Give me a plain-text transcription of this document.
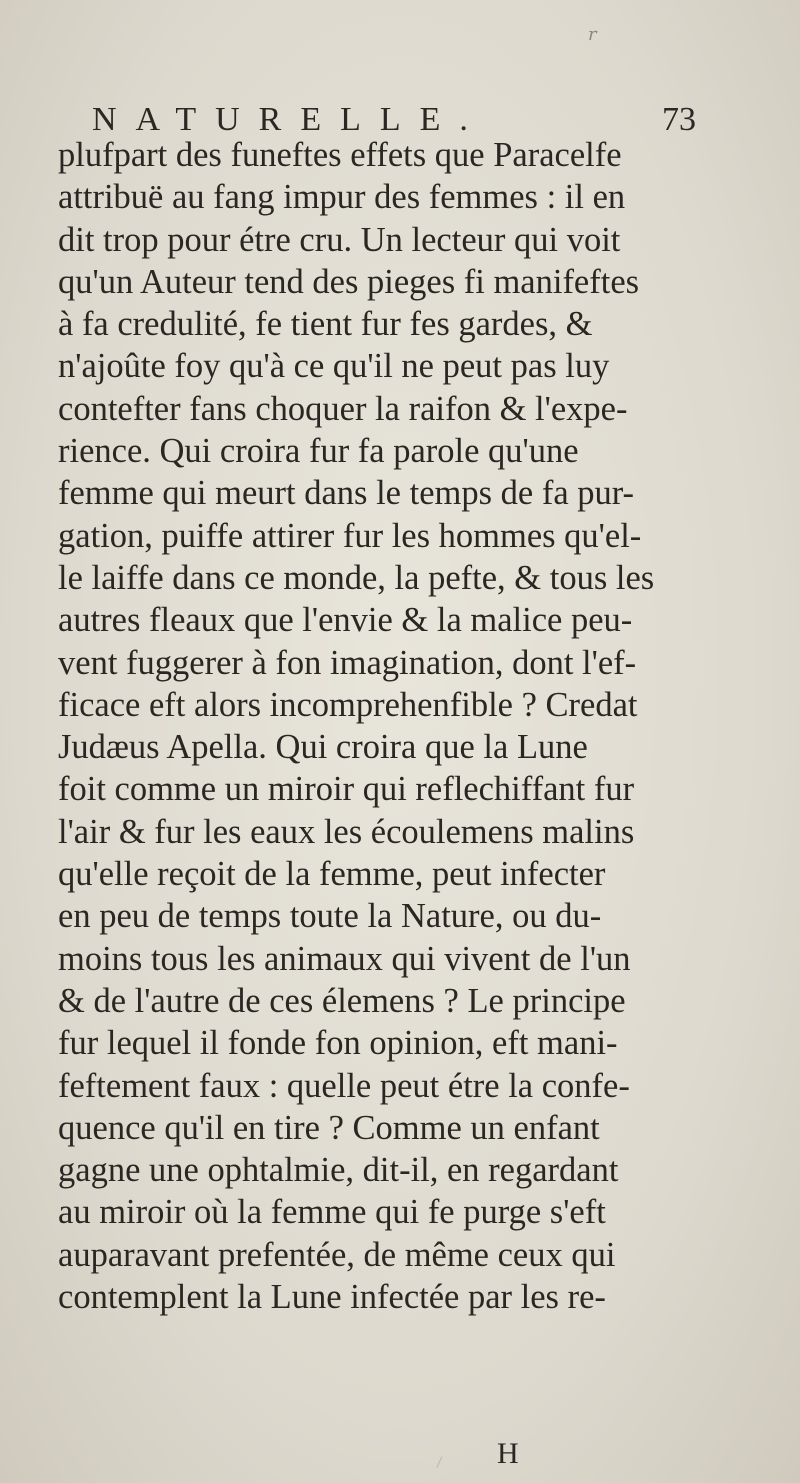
r
NATURELLE.	73
plufpart des funeftes effets que Paracelfe
attribuë au fang impur des femmes : il en
dit trop pour étre cru. Un lecteur qui voit
qu'un Auteur tend des pieges fi manifeftes
à fa credulité, fe tient fur fes gardes, &
n'ajoûte foy qu'à ce qu'il ne peut pas luy
contefter fans choquer la raifon & l'expe-
rience. Qui croira fur fa parole qu'une
femme qui meurt dans le temps de fa pur-
gation, puiffe attirer fur les hommes qu'el-
le laiffe dans ce monde, la pefte, & tous les
autres fleaux que l'envie & la malice peu-
vent fuggerer à fon imagination, dont l'ef-
ficace eft alors incomprehenfible ? Credat
Judæus Apella. Qui croira que la Lune
foit comme un miroir qui reflechiffant fur
l'air & fur les eaux les écoulemens malins
qu'elle reçoit de la femme, peut infecter
en peu de temps toute la Nature, ou du-
moins tous les animaux qui vivent de l'un
& de l'autre de ces élemens ? Le principe
fur lequel il fonde fon opinion, eft mani-
feftement faux : quelle peut étre la confe-
quence qu'il en tire ? Comme un enfant
gagne une ophtalmie, dit-il, en regardant
au miroir où la femme qui fe purge s'eft
auparavant prefentée, de même ceux qui
contemplent la Lune infectée par les re-
H
